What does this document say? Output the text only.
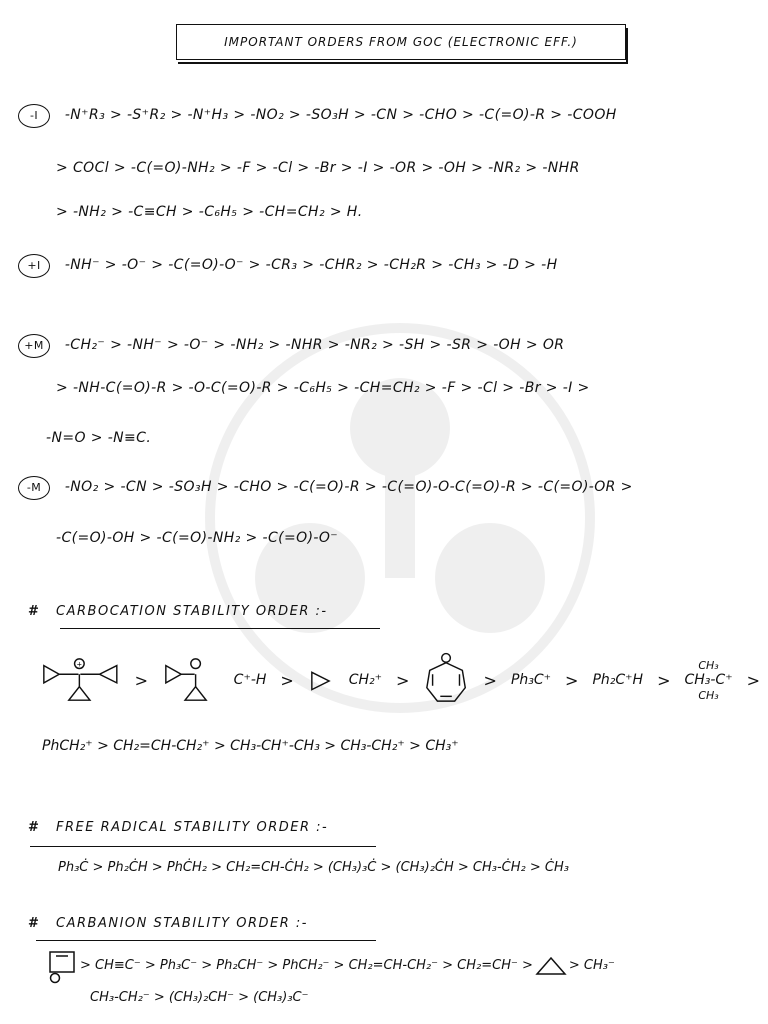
IMPORTANT ORDERS FROM GOC (ELECTRONIC EFF.)
-I -N⁺R₃ > -S⁺R₂ > -N⁺H₃ > -NO₂ > -SO₃H > -CN > -CHO > -C(=O)-R > -COOH
> COCl > -C(=O)-NH₂ > -F > -Cl > -Br > -I > -OR > -OH > -NR₂ > -NHR
> -NH₂ > -C≡CH > -C₆H₅ > -CH=CH₂ > H.
+I -NH⁻ > -O⁻ > -C(=O)-O⁻ > -CR₃ > -CHR₂ > -CH₂R > -CH₃ > -D > -H
+M -CH₂⁻ > -NH⁻ > -O⁻ > -NH₂ > -NHR > -NR₂ > -SH > -SR > -OH > OR
> -NH-C(=O)-R > -O-C(=O)-R > -C₆H₅ > -CH=CH₂ > -F > -Cl > -Br > -I >
-N=O > -N≡C.
-M -NO₂ > -CN > -SO₃H > -CHO > -C(=O)-R > -C(=O)-O-C(=O)-R > -C(=O)-OR >
-C(=O)-OH > -C(=O)-NH₂ > -C(=O)-O⁻
# CARBOCATION STABILITY ORDER :-
+
>	C⁺-H >	CH₂⁺ >	> Ph₃C⁺ > Ph₂C⁺H >
CH₃
CH₃-C⁺
CH₃
>
PhCH₂⁺ > CH₂=CH-CH₂⁺ > CH₃-CH⁺-CH₃ > CH₃-CH₂⁺ > CH₃⁺
# FREE RADICAL STABILITY ORDER :-
Ph₃Ċ > Ph₂ĊH > PhĊH₂ > CH₂=CH-ĊH₂ > (CH₃)₃Ċ > (CH₃)₂ĊH > CH₃-ĊH₂ > ĊH₃
# CARBANION STABILITY ORDER :-
> CH≡C⁻ > Ph₃C⁻ > Ph₂CH⁻ > PhCH₂⁻ > CH₂=CH-CH₂⁻ > CH₂=CH⁻ >	> CH₃⁻
CH₃-CH₂⁻ > (CH₃)₂CH⁻ > (CH₃)₃C⁻
